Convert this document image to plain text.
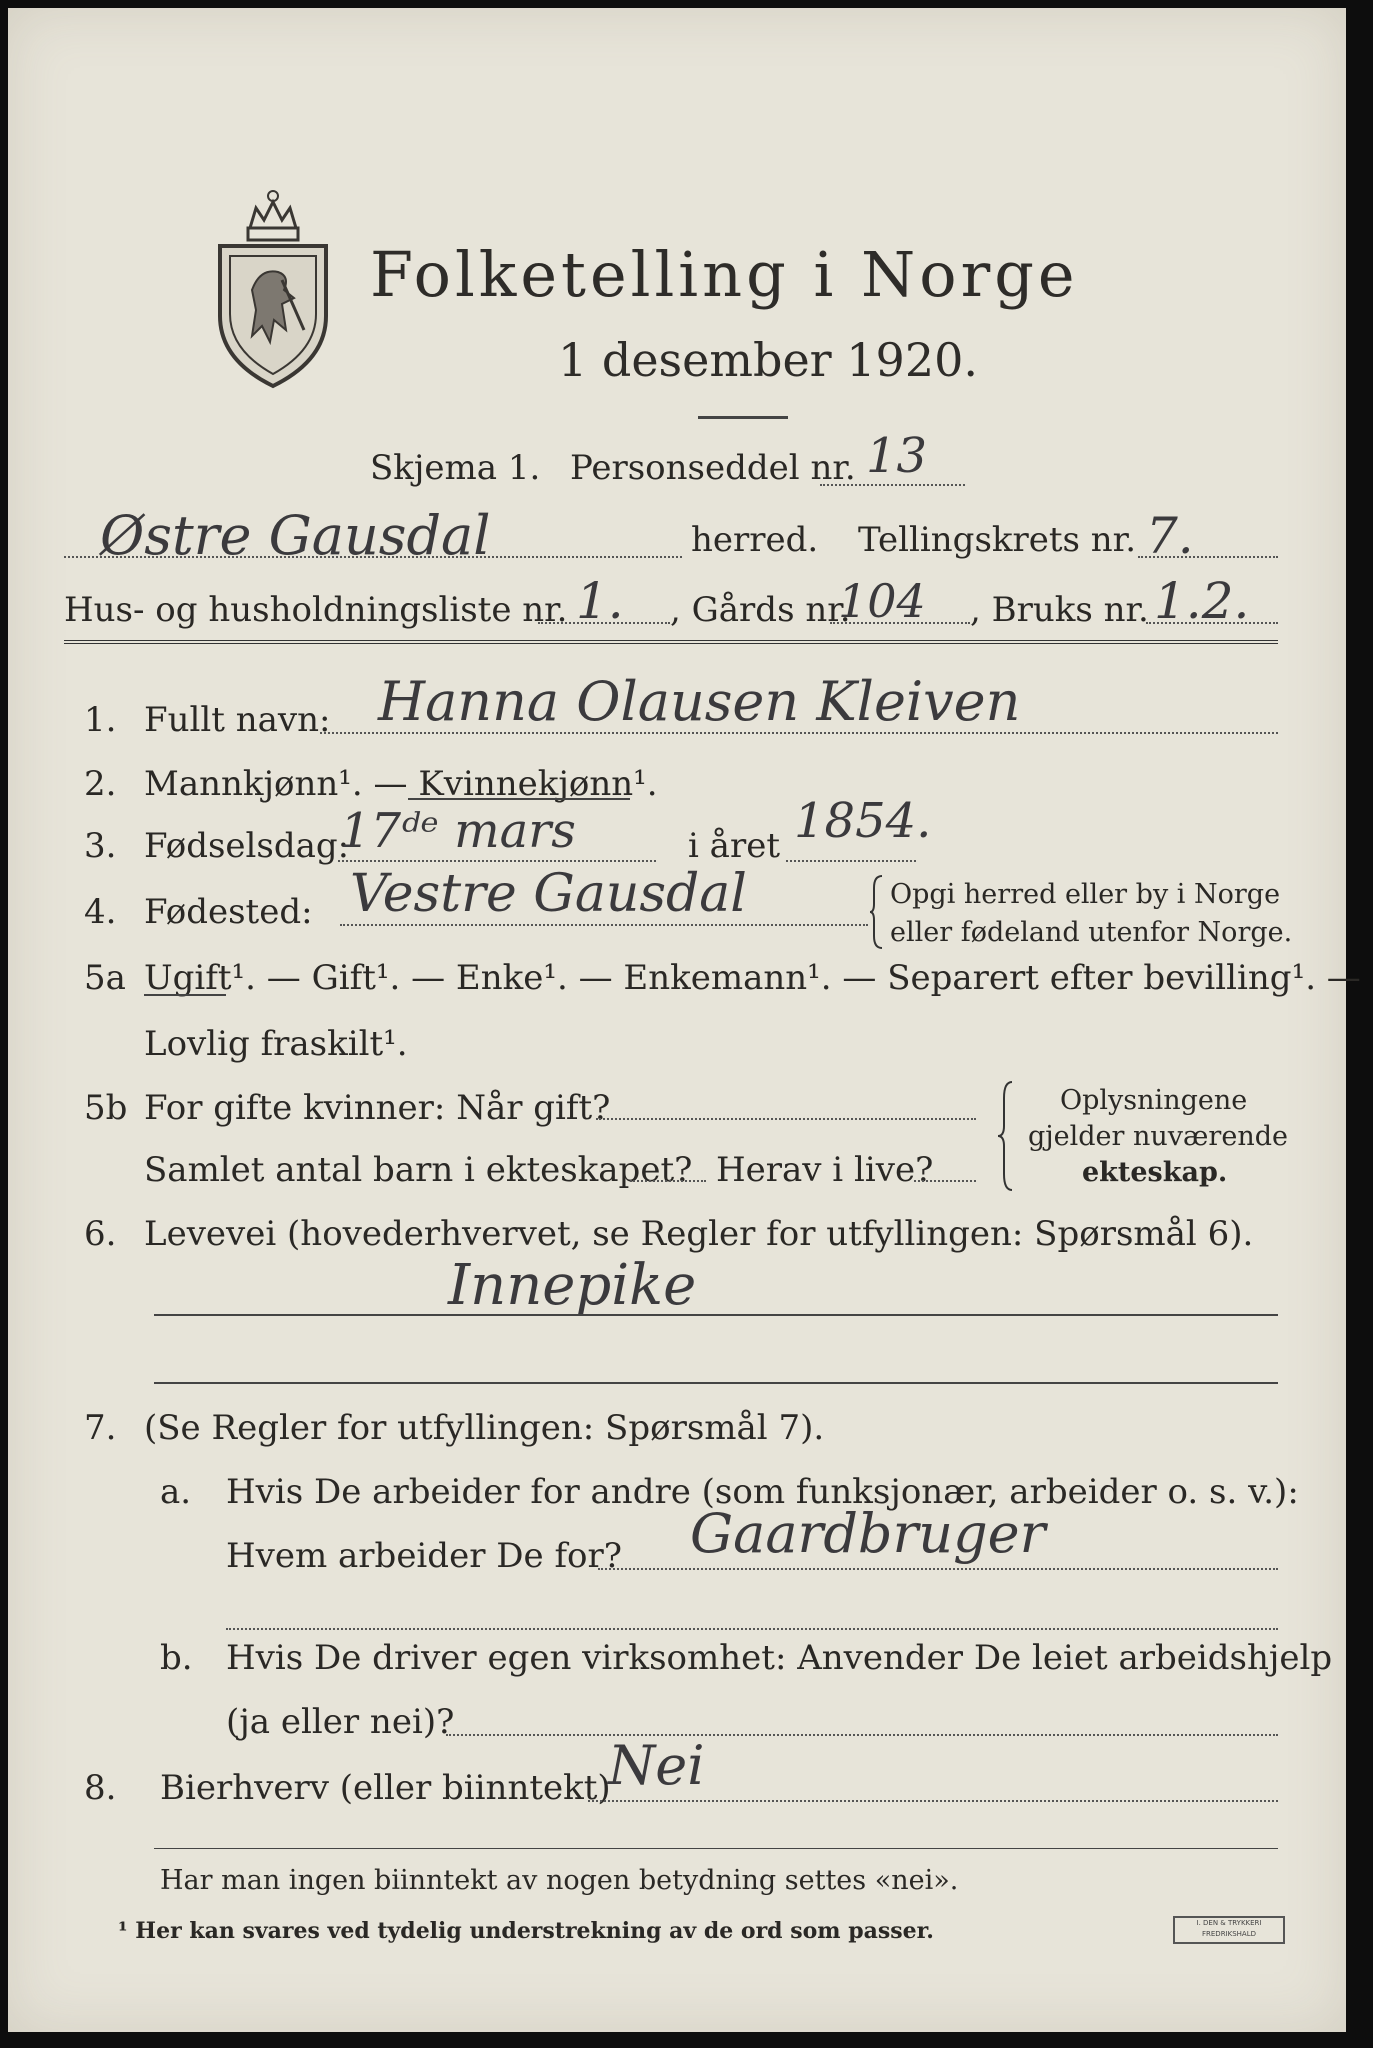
Folketelling i Norge
1 desember 1920.
Skjema 1. Personseddel nr. 13
Østre Gausdal	herred. Tellingskrets nr. 7.
Hus- og husholdningsliste nr. 1. , Gårds nr.
104 , Bruks nr. 1.2.
1. Fullt navn: Hanna Olausen Kleiven
2. Mannkjønn¹. — Kvinnekjønn¹.
3. Fødselsdag:
17ᵈᵉ mars	i året 1854.
4. Fødested: Vestre Gausdal	Opgi herred eller by i Norge
eller fødeland utenfor Norge.
5a Ugift¹. — Gift¹. — Enke¹. — Enkemann¹. — Separert efter bevilling¹. —
Lovlig fraskilt¹.
5b For gifte kvinner: Når gift?
Samlet antal barn i ekteskapet? Herav i live?
Oplysningene
gjelder nuværende
ekteskap.
6. Levevei (hovederhvervet, se Regler for utfyllingen: Spørsmål 6).
Innepike
7. (Se Regler for utfyllingen: Spørsmål 7).
a. Hvis De arbeider for andre (som funksjonær, arbeider o. s. v.):
Hvem arbeider De for? Gaardbruger
b. Hvis De driver egen virksomhet: Anvender De leiet arbeidshjelp
(ja eller nei)?
8. Bierhverv (eller biinntekt)
Nei
Har man ingen biinntekt av nogen betydning settes «nei».
¹ Her kan svares ved tydelig understrekning av de ord som passer.	I. DEN & TRYKKERI
FREDRIKSHALD
